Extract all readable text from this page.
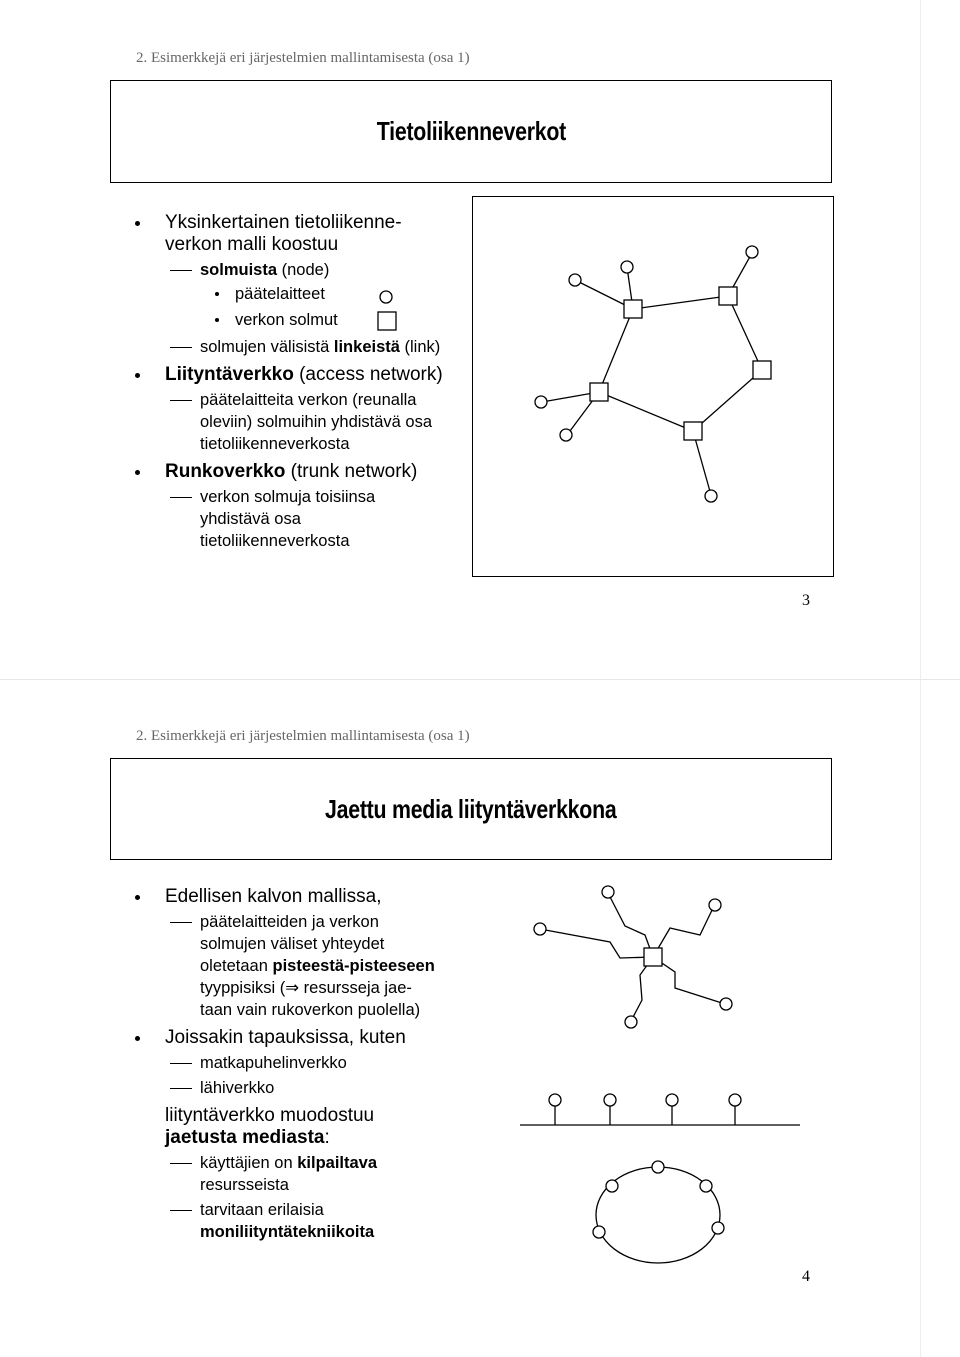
2. Esimerkkejä eri järjestelmien mallintamisesta (osa 1)
Tietoliikenneverkot
Yksinkertainen tietoliikenne-
verkon malli koostuu
solmuista (node)
päätelaitteet
verkon solmut
solmujen välisistä linkeistä (link)
Liityntäverkko (access network)
päätelaitteita verkon (reunalla
oleviin) solmuihin yhdistävä osa
tietoliikenneverkosta
Runkoverkko (trunk network)
verkon solmuja toisiinsa
yhdistävä osa
tietoliikenneverkosta
3
2. Esimerkkejä eri järjestelmien mallintamisesta (osa 1)
Jaettu media liityntäverkkona
Edellisen kalvon mallissa,
päätelaitteiden ja verkon
solmujen väliset yhteydet
oletetaan pisteestä-pisteeseen
tyyppisiksi (⇒ resursseja jae-
taan vain rukoverkon puolella)
Joissakin tapauksissa, kuten
matkapuhelinverkko
lähiverkko
liityntäverkko muodostuu
jaetusta mediasta:
käyttäjien on kilpailtava
resursseista
tarvitaan erilaisia
moniliityntätekniikoita
4
